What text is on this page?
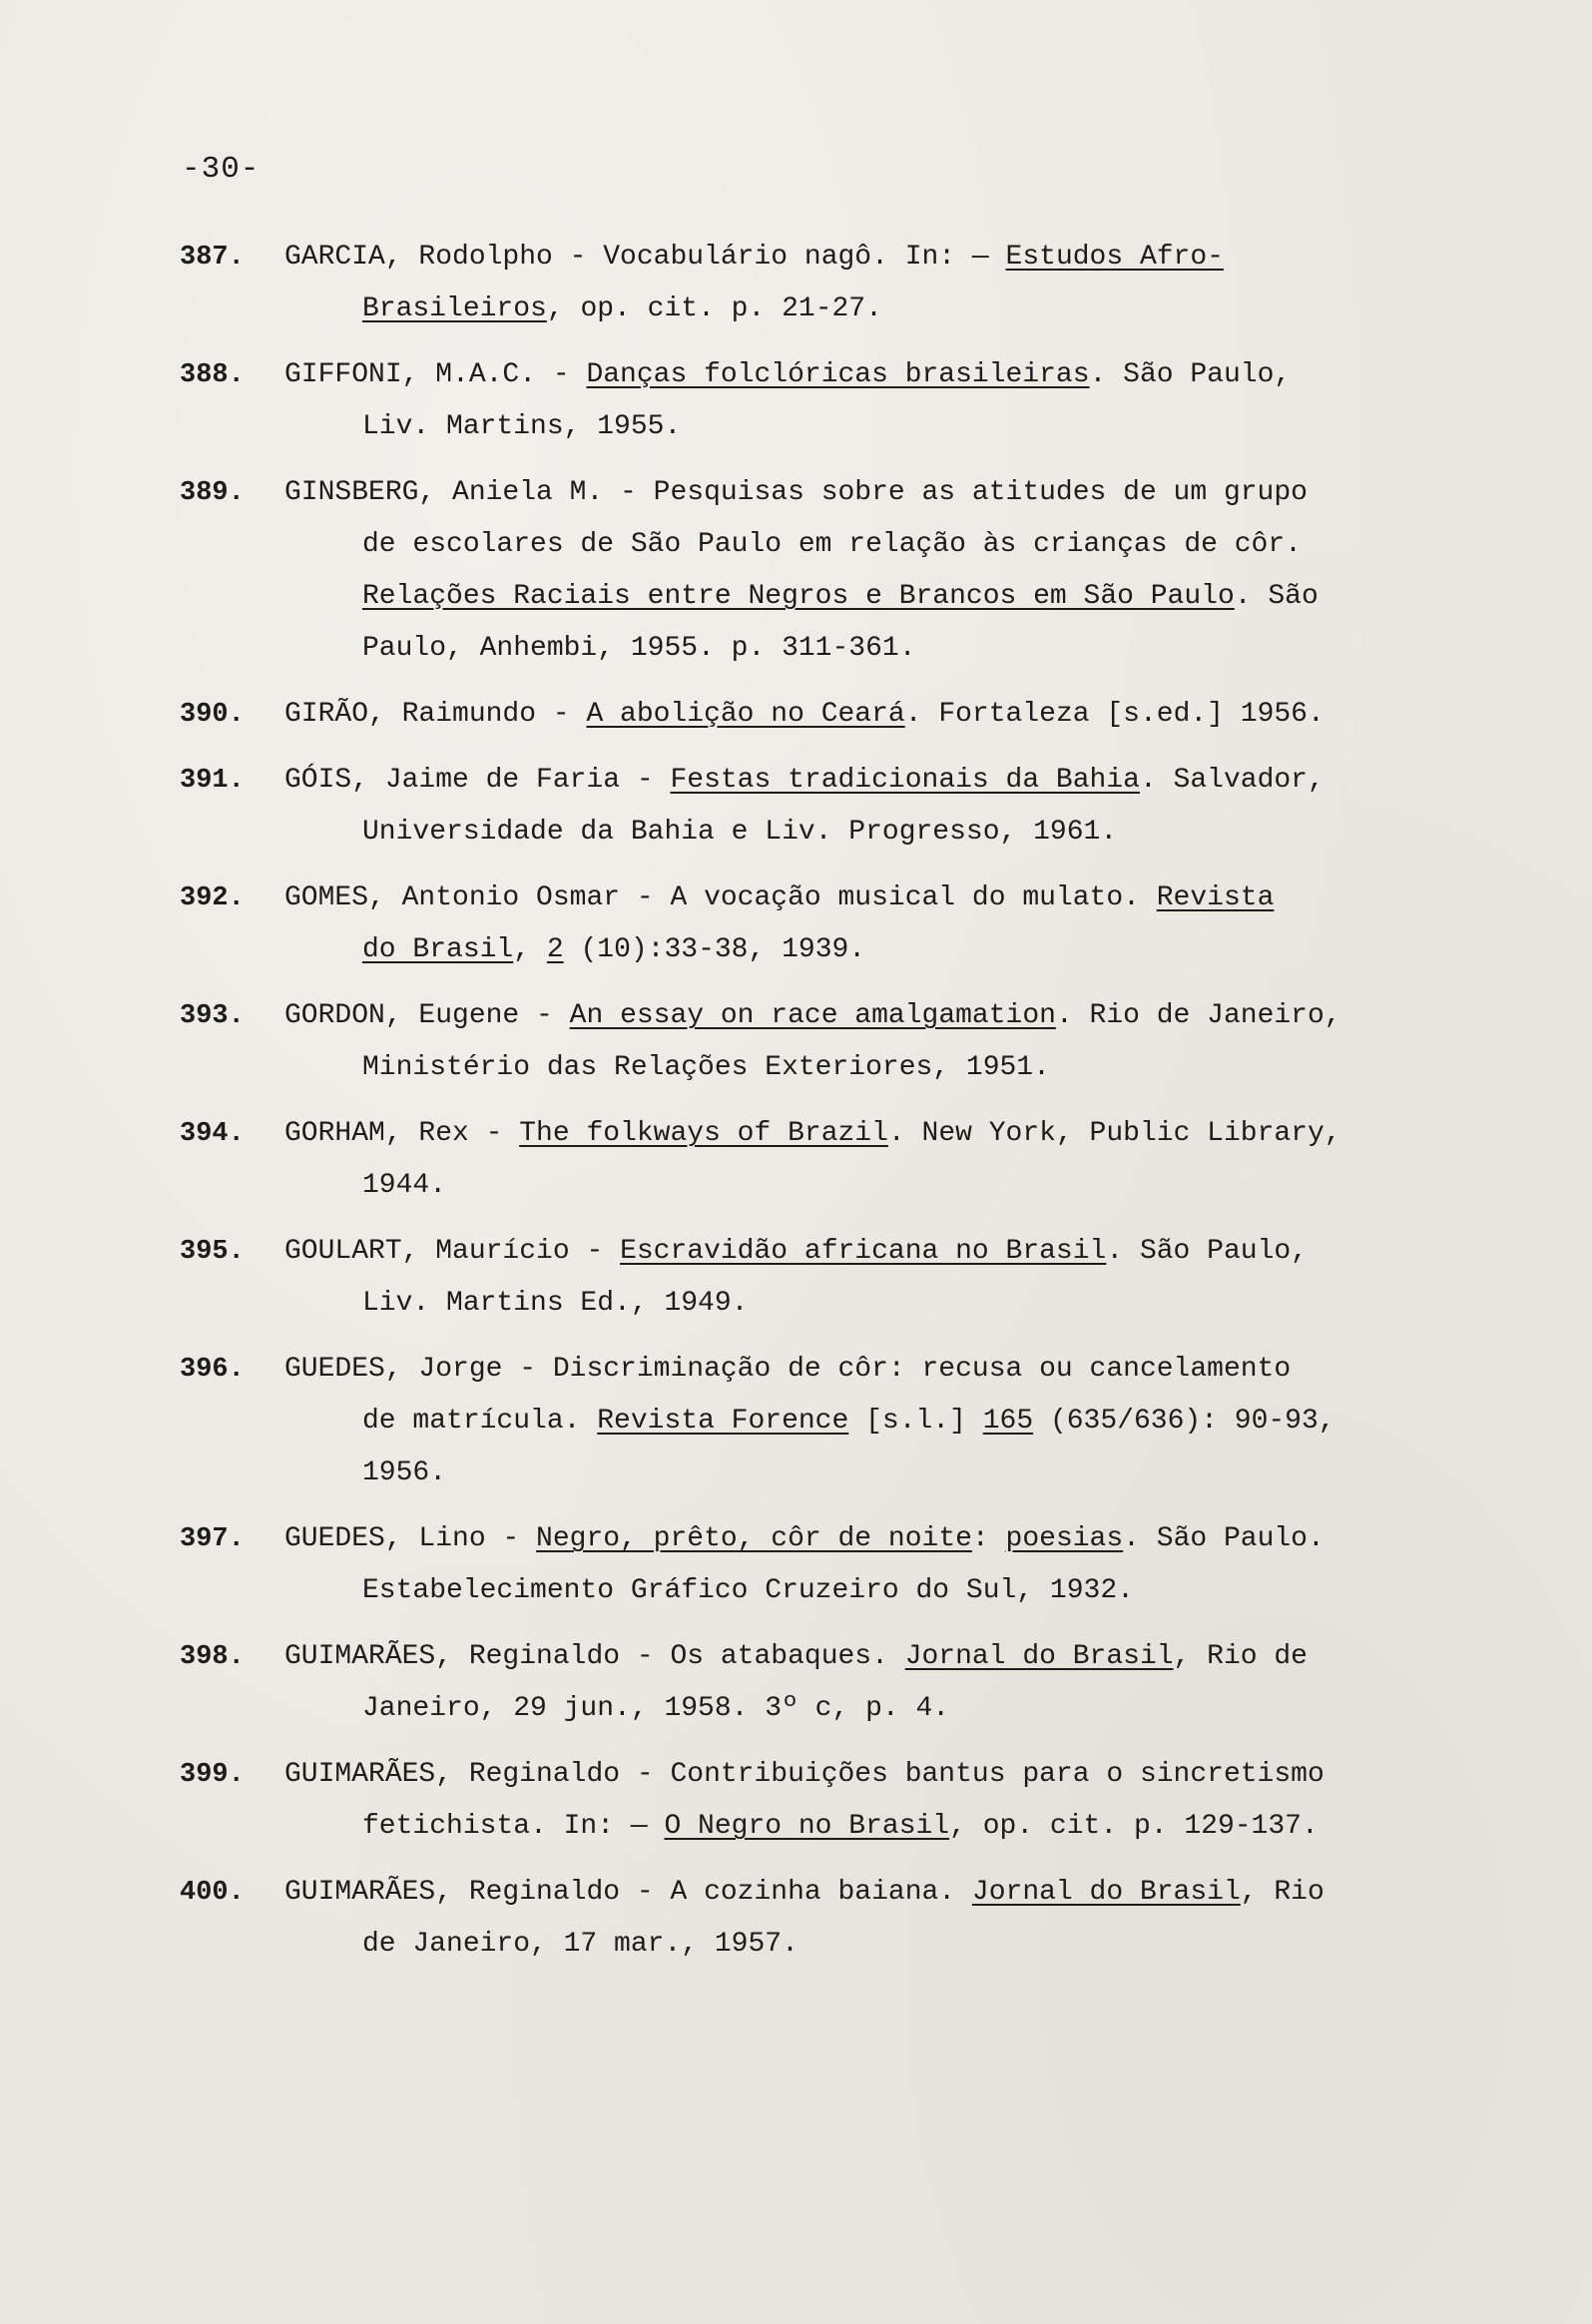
-30-
387.	GARCIA, Rodolpho - Vocabulário nagô. In: — Estudos Afro-
Brasileiros, op. cit. p. 21-27.
388.	GIFFONI, M.A.C. - Danças folclóricas brasileiras. São Paulo,
Liv. Martins, 1955.
389.	GINSBERG, Aniela M. - Pesquisas sobre as atitudes de um grupo
de escolares de São Paulo em relação às crianças de côr.
Relações Raciais entre Negros e Brancos em São Paulo. São
Paulo, Anhembi, 1955. p. 311-361.
390.	GIRÃO, Raimundo - A abolição no Ceará. Fortaleza [s.ed.] 1956.
391.	GÓIS, Jaime de Faria - Festas tradicionais da Bahia. Salvador,
Universidade da Bahia e Liv. Progresso, 1961.
392.	GOMES, Antonio Osmar - A vocação musical do mulato. Revista
do Brasil, 2 (10):33-38, 1939.
393.	GORDON, Eugene - An essay on race amalgamation. Rio de Janeiro,
Ministério das Relações Exteriores, 1951.
394.	GORHAM, Rex - The folkways of Brazil. New York, Public Library,
1944.
395.	GOULART, Maurício - Escravidão africana no Brasil. São Paulo,
Liv. Martins Ed., 1949.
396.	GUEDES, Jorge - Discriminação de côr: recusa ou cancelamento
de matrícula. Revista Forence [s.l.] 165 (635/636): 90-93,
1956.
397.	GUEDES, Lino - Negro, prêto, côr de noite: poesias. São Paulo.
Estabelecimento Gráfico Cruzeiro do Sul, 1932.
398.	GUIMARÃES, Reginaldo - Os atabaques. Jornal do Brasil, Rio de
Janeiro, 29 jun., 1958. 3º c, p. 4.
399.	GUIMARÃES, Reginaldo - Contribuições bantus para o sincretismo
fetichista. In: — O Negro no Brasil, op. cit. p. 129-137.
400.	GUIMARÃES, Reginaldo - A cozinha baiana. Jornal do Brasil, Rio
de Janeiro, 17 mar., 1957.
